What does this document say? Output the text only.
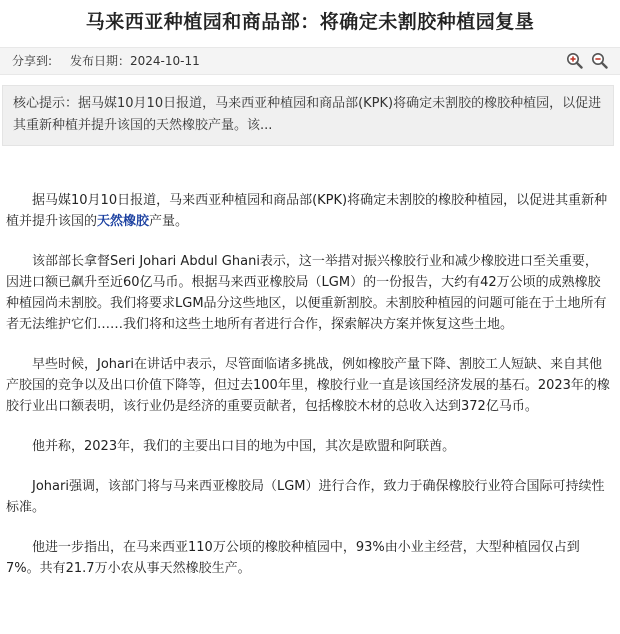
马来西亚种植园和商品部：将确定未割胶种植园复垦
分享到: 发布日期：2024-10-11
核心提示：据马媒10月10日报道，马来西亚种植园和商品部(KPK)将确定未割胶的橡胶种植园，以促进其重新种植并提升该国的天然橡胶产量。该...

据马媒10月10日报道，马来西亚种植园和商品部(KPK)将确定未割胶的橡胶种植园，以促进其重新种植并提升该国的天然橡胶产量。

该部部长拿督Seri Johari Abdul Ghani表示，这一举措对振兴橡胶行业和减少橡胶进口至关重要，因进口额已飙升至近60亿马币。根据马来西亚橡胶局（LGM）的一份报告，大约有42万公顷的成熟橡胶种植园尚未割胶。我们将要求LGM品分这些地区，以便重新割胶。未割胶种植园的问题可能在于土地所有者无法维护它们……我们将和这些土地所有者进行合作，探索解决方案并恢复这些土地。

早些时候，Johari在讲话中表示，尽管面临诸多挑战，例如橡胶产量下降、割胶工人短缺、来自其他产胶国的竞争以及出口价值下降等，但过去100年里，橡胶行业一直是该国经济发展的基石。2023年的橡胶行业出口额表明，该行业仍是经济的重要贡献者，包括橡胶木材的总收入达到372亿马币。

他并称，2023年，我们的主要出口目的地为中国，其次是欧盟和阿联酋。

Johari强调，该部门将与马来西亚橡胶局（LGM）进行合作，致力于确保橡胶行业符合国际可持续性标准。

他进一步指出，在马来西亚110万公顷的橡胶种植园中，93%由小业主经营，大型种植园仅占到7%。共有21.7万小农从事天然橡胶生产。
